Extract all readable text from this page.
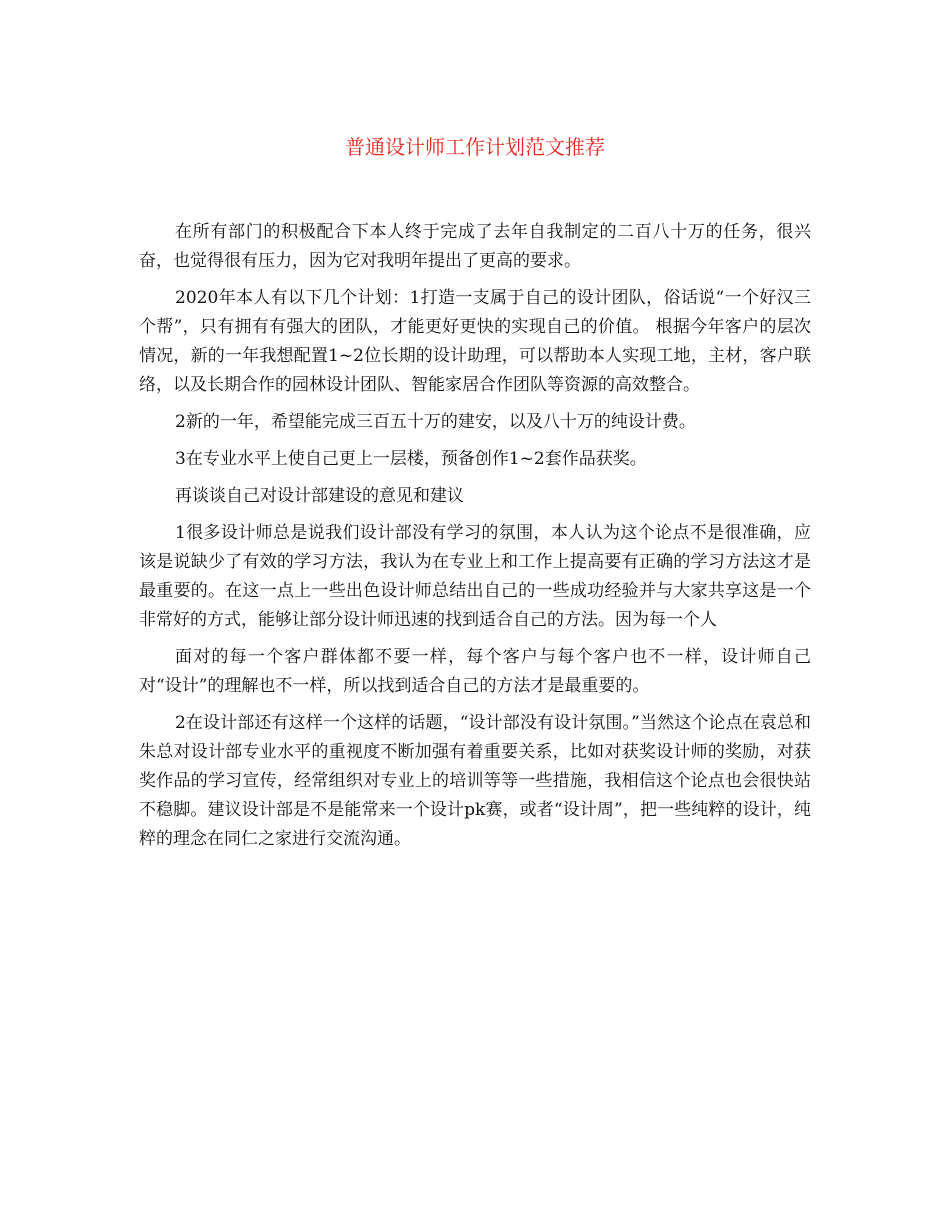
普通设计师工作计划范文推荐

在所有部门的积极配合下本人终于完成了去年自我制定的二百八十万的任务，很兴奋，也觉得很有压力，因为它对我明年提出了更高的要求。

2020年本人有以下几个计划：1打造一支属于自己的设计团队，俗话说“一个好汉三个帮”，只有拥有有强大的团队，才能更好更快的实现自己的价值。 根据今年客户的层次情况，新的一年我想配置1~2位长期的设计助理，可以帮助本人实现工地，主材，客户联络，以及长期合作的园林设计团队、智能家居合作团队等资源的高效整合。

2新的一年，希望能完成三百五十万的建安，以及八十万的纯设计费。

3在专业水平上使自己更上一层楼，预备创作1~2套作品获奖。

再谈谈自己对设计部建设的意见和建议

1很多设计师总是说我们设计部没有学习的氛围，本人认为这个论点不是很准确，应该是说缺少了有效的学习方法，我认为在专业上和工作上提高要有正确的学习方法这才是最重要的。在这一点上一些出色设计师总结出自己的一些成功经验并与大家共享这是一个非常好的方式，能够让部分设计师迅速的找到适合自己的方法。因为每一个人

面对的每一个客户群体都不要一样，每个客户与每个客户也不一样，设计师自己对“设计”的理解也不一样，所以找到适合自己的方法才是最重要的。

2在设计部还有这样一个这样的话题，“设计部没有设计氛围。”当然这个论点在袁总和朱总对设计部专业水平的重视度不断加强有着重要关系，比如对获奖设计师的奖励，对获奖作品的学习宣传，经常组织对专业上的培训等等一些措施，我相信这个论点也会很快站不稳脚。建议设计部是不是能常来一个设计pk赛，或者“设计周”，把一些纯粹的设计，纯粹的理念在同仁之家进行交流沟通。
